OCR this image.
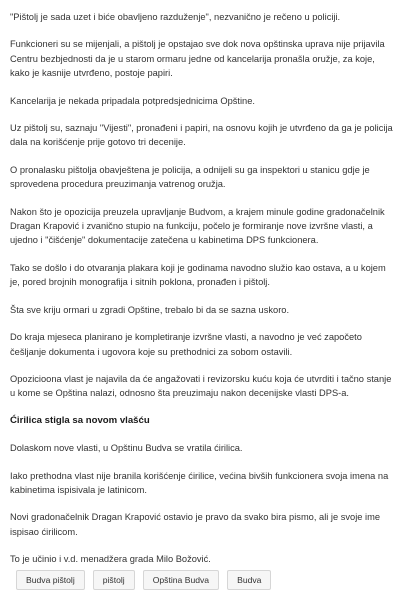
"Pištolj je sada uzet i biće obavljeno razduženje", nezvanično je rečeno u policiji.

Funkcioneri su se mijenjali, a pištolj je opstajao sve dok nova opštinska uprava nije prijavila Centru bezbjednosti da je u starom ormaru jedne od kancelarija pronašla oružje, za koje, kako je kasnije utvrđeno, postoje papiri.

Kancelarija je nekada pripadala potpredsjednicima Opštine.

Uz pištolj su, saznaju "Vijesti", pronađeni i papiri, na osnovu kojih je utvrđeno da ga je policija dala na korišćenje prije gotovo tri decenije.

O pronalasku pištolja obavještena je policija, a odnijeli su ga inspektori u stanicu gdje je sprovedena procedura preuzimanja vatrenog oružja.

Nakon što je opozicija preuzela upravljanje Budvom, a krajem minule godine gradonačelnik Dragan Krapović i zvanično stupio na funkciju, počelo je formiranje nove izvršne vlasti, a ujedno i "čišćenje" dokumentacije zatečena u kabinetima DPS funkcionera.

Tako se došlo i do otvaranja plakara koji je godinama navodno služio kao ostava, a u kojem je, pored brojnih monografija i sitnih poklona, pronađen i pištolj.

Šta sve kriju ormari u zgradi Opštine, trebalo bi da se sazna uskoro.

Do kraja mjeseca planirano je kompletiranje izvršne vlasti, a navodno je već započeto češljanje dokumenta i ugovora koje su prethodnici za sobom ostavili.

Opozicioona vlast je najavila da će angažovati i revizorsku kuću koja će utvrditi i tačno stanje u kome se Opština nalazi, odnosno šta preuzimaju nakon decenijske vlasti DPS-a.

Ćirilica stigla sa novom vlašću

Dolaskom nove vlasti, u Opštinu Budva se vratila ćirilica.

Iako prethodna vlast nije branila korišćenje ćirilice, većina bivših funkcionera svoja imena na kabinetima ispisivala je latinicom.

Novi gradonačelnik Dragan Krapović ostavio je pravo da svako bira pismo, ali je svoje ime ispisao ćirilicom.

To je učinio i v.d. menadžera grada Milo Božović.

Budva pištolj	pištolj	Opština Budva	Budva
